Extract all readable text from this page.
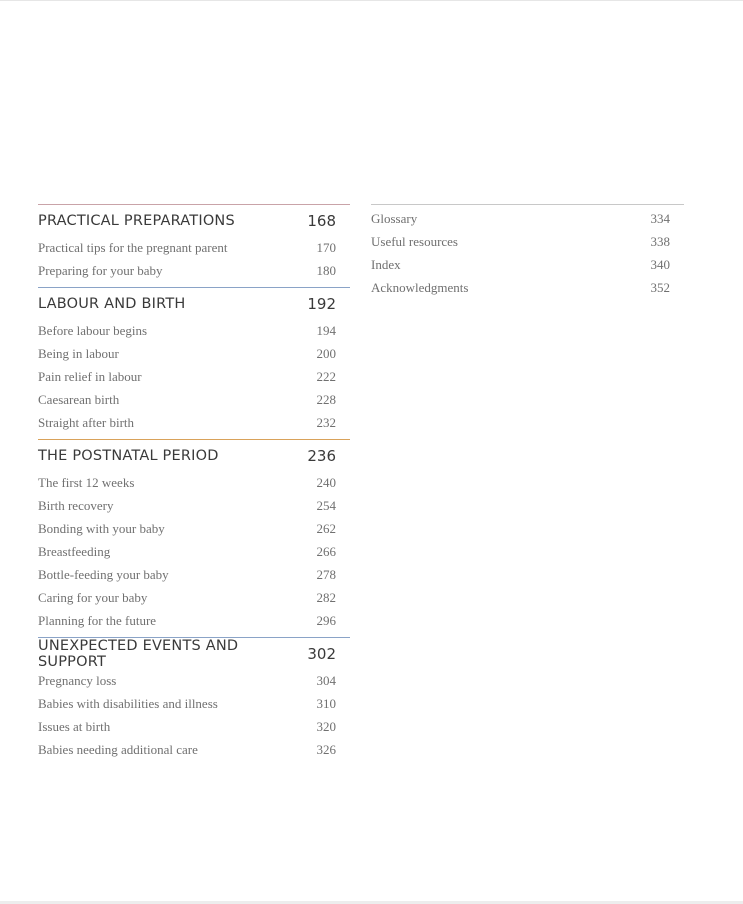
PRACTICAL PREPARATIONS	168
Practical tips for the pregnant parent	170
Preparing for your baby	180
LABOUR AND BIRTH	192
Before labour begins	194
Being in labour	200
Pain relief in labour	222
Caesarean birth	228
Straight after birth	232
THE POSTNATAL PERIOD	236
The first 12 weeks	240
Birth recovery	254
Bonding with your baby	262
Breastfeeding	266
Bottle-feeding your baby	278
Caring for your baby	282
Planning for the future	296
UNEXPECTED EVENTS AND SUPPORT	302
Pregnancy loss	304
Babies with disabilities and illness	310
Issues at birth	320
Babies needing additional care	326
Glossary	334
Useful resources	338
Index	340
Acknowledgments	352
